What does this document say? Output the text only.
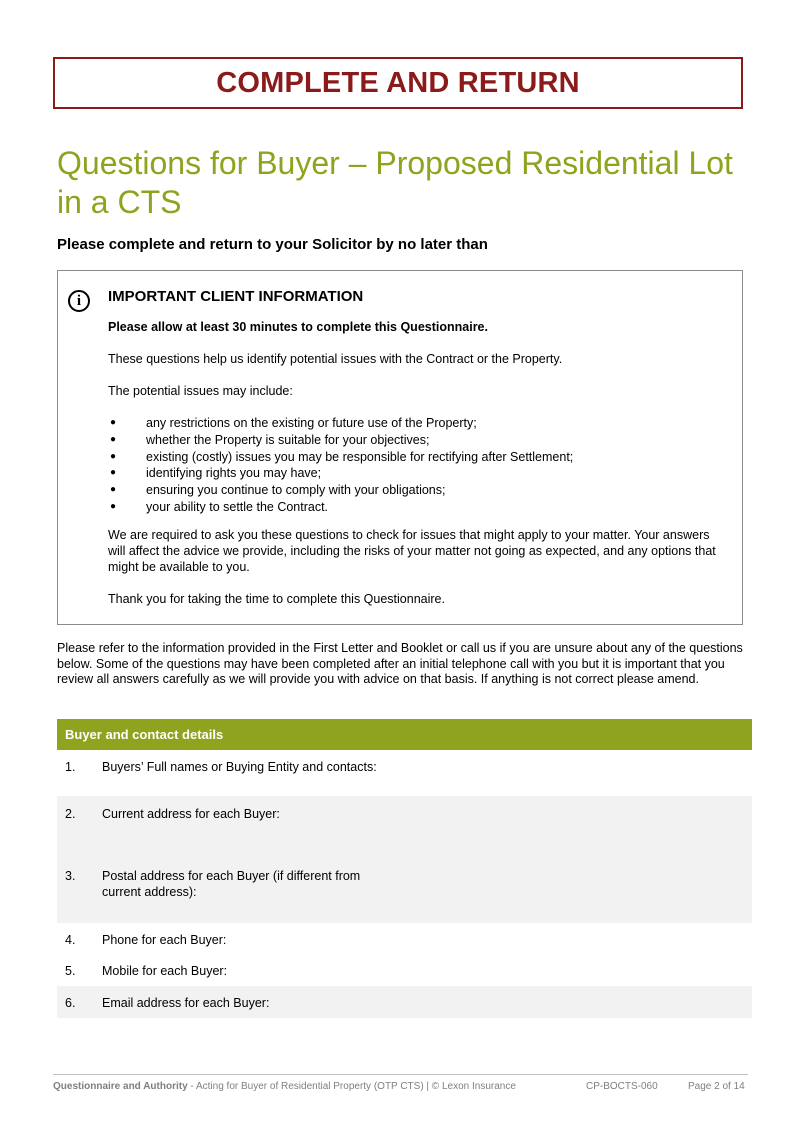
COMPLETE AND RETURN
Questions for Buyer – Proposed Residential Lot in a CTS

Please complete and return to your Solicitor by no later than

i	IMPORTANT CLIENT INFORMATION

Please allow at least 30 minutes to complete this Questionnaire.

These questions help us identify potential issues with the Contract or the Property.

The potential issues may include:

● any restrictions on the existing or future use of the Property;
● whether the Property is suitable for your objectives;
● existing (costly) issues you may be responsible for rectifying after Settlement;
● identifying rights you may have;
● ensuring you continue to comply with your obligations;
● your ability to settle the Contract.

We are required to ask you these questions to check for issues that might apply to your matter. Your answers will affect the advice we provide, including the risks of your matter not going as expected, and any options that might be available to you.

Thank you for taking the time to complete this Questionnaire.

Please refer to the information provided in the First Letter and Booklet or call us if you are unsure about any of the questions below. Some of the questions may have been completed after an initial telephone call with you but it is important that you review all answers carefully as we will provide you with advice on that basis. If anything is not correct please amend.

Buyer and contact details
1. Buyers’ Full names or Buying Entity and contacts:
2. Current address for each Buyer:
3. Postal address for each Buyer (if different from current address):
4. Phone for each Buyer:
5. Mobile for each Buyer:
6. Email address for each Buyer:
Questionnaire and Authority - Acting for Buyer of Residential Property (OTP CTS) | © Lexon Insurance	CP-BOCTS-060	Page 2 of 14
